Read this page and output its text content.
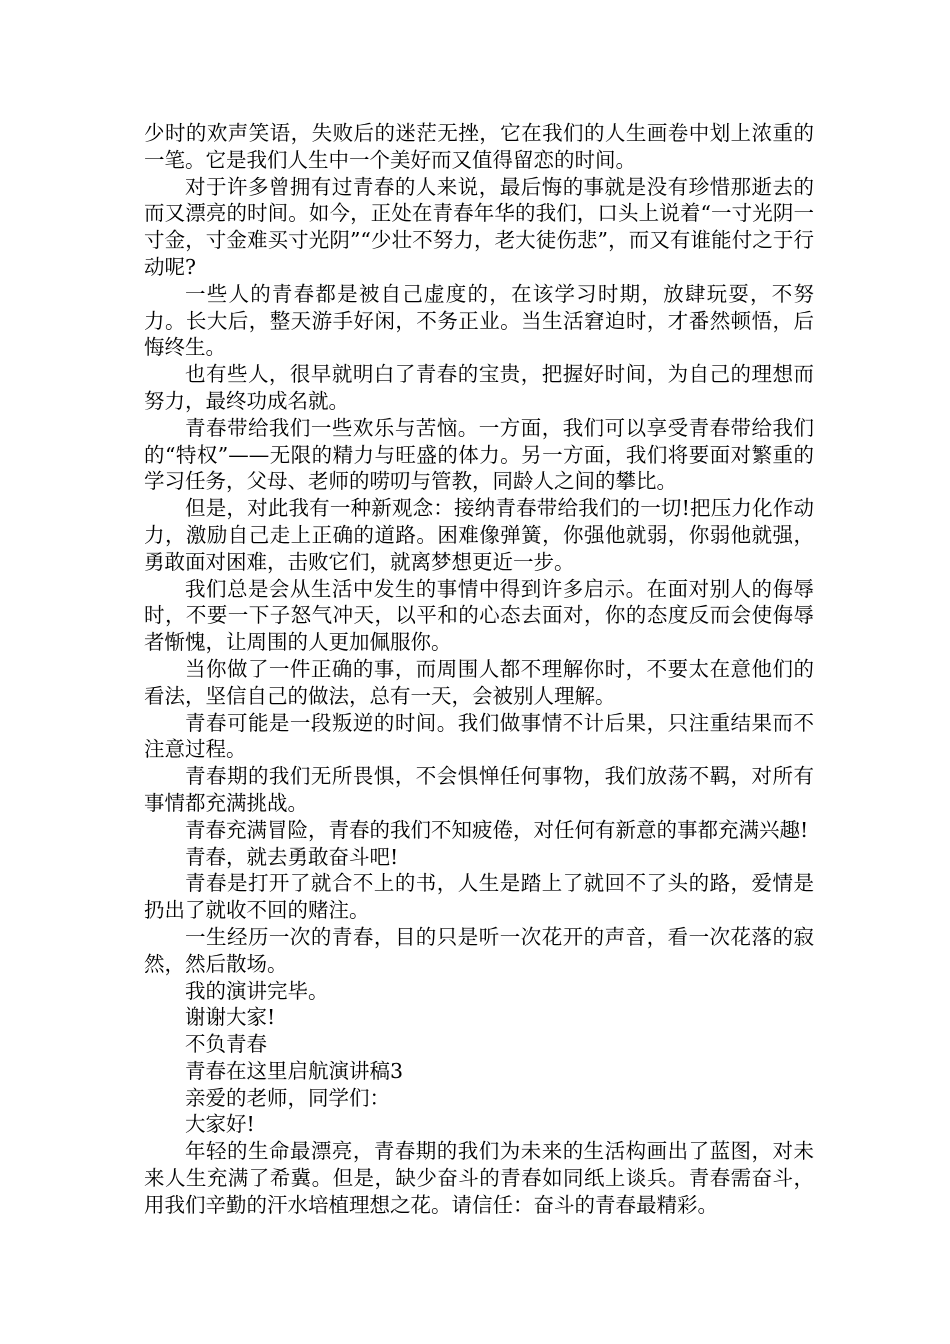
少时的欢声笑语，失败后的迷茫无挫，它在我们的人生画卷中划上浓重的一笔。它是我们人生中一个美好而又值得留恋的时间。

对于许多曾拥有过青春的人来说，最后悔的事就是没有珍惜那逝去的而又漂亮的时间。如今，正处在青春年华的我们，口头上说着“一寸光阴一寸金，寸金难买寸光阴”“少壮不努力，老大徒伤悲”，而又有谁能付之于行动呢?

一些人的青春都是被自己虚度的，在该学习时期，放肆玩耍，不努力。长大后，整天游手好闲，不务正业。当生活窘迫时，才番然顿悟，后悔终生。

也有些人，很早就明白了青春的宝贵，把握好时间，为自己的理想而努力，最终功成名就。

青春带给我们一些欢乐与苦恼。一方面，我们可以享受青春带给我们的“特权”——无限的精力与旺盛的体力。另一方面，我们将要面对繁重的学习任务，父母、老师的唠叨与管教，同龄人之间的攀比。

但是，对此我有一种新观念：接纳青春带给我们的一切!把压力化作动力，激励自己走上正确的道路。困难像弹簧，你强他就弱，你弱他就强，勇敢面对困难，击败它们，就离梦想更近一步。

我们总是会从生活中发生的事情中得到许多启示。在面对别人的侮辱时，不要一下子怒气冲天，以平和的心态去面对，你的态度反而会使侮辱者惭愧，让周围的人更加佩服你。

当你做了一件正确的事，而周围人都不理解你时，不要太在意他们的看法，坚信自己的做法，总有一天，会被别人理解。

青春可能是一段叛逆的时间。我们做事情不计后果，只注重结果而不注意过程。

青春期的我们无所畏惧，不会惧惮任何事物，我们放荡不羁，对所有事情都充满挑战。

青春充满冒险，青春的我们不知疲倦，对任何有新意的事都充满兴趣!

青春，就去勇敢奋斗吧!

青春是打开了就合不上的书，人生是踏上了就回不了头的路，爱情是扔出了就收不回的赌注。

一生经历一次的青春，目的只是听一次花开的声音，看一次花落的寂然，然后散场。

我的演讲完毕。

谢谢大家!

不负青春

青春在这里启航演讲稿3

亲爱的老师，同学们：

大家好!

年轻的生命最漂亮，青春期的我们为未来的生活构画出了蓝图，对未来人生充满了希冀。但是，缺少奋斗的青春如同纸上谈兵。青春需奋斗，用我们辛勤的汗水培植理想之花。请信任：奋斗的青春最精彩。
